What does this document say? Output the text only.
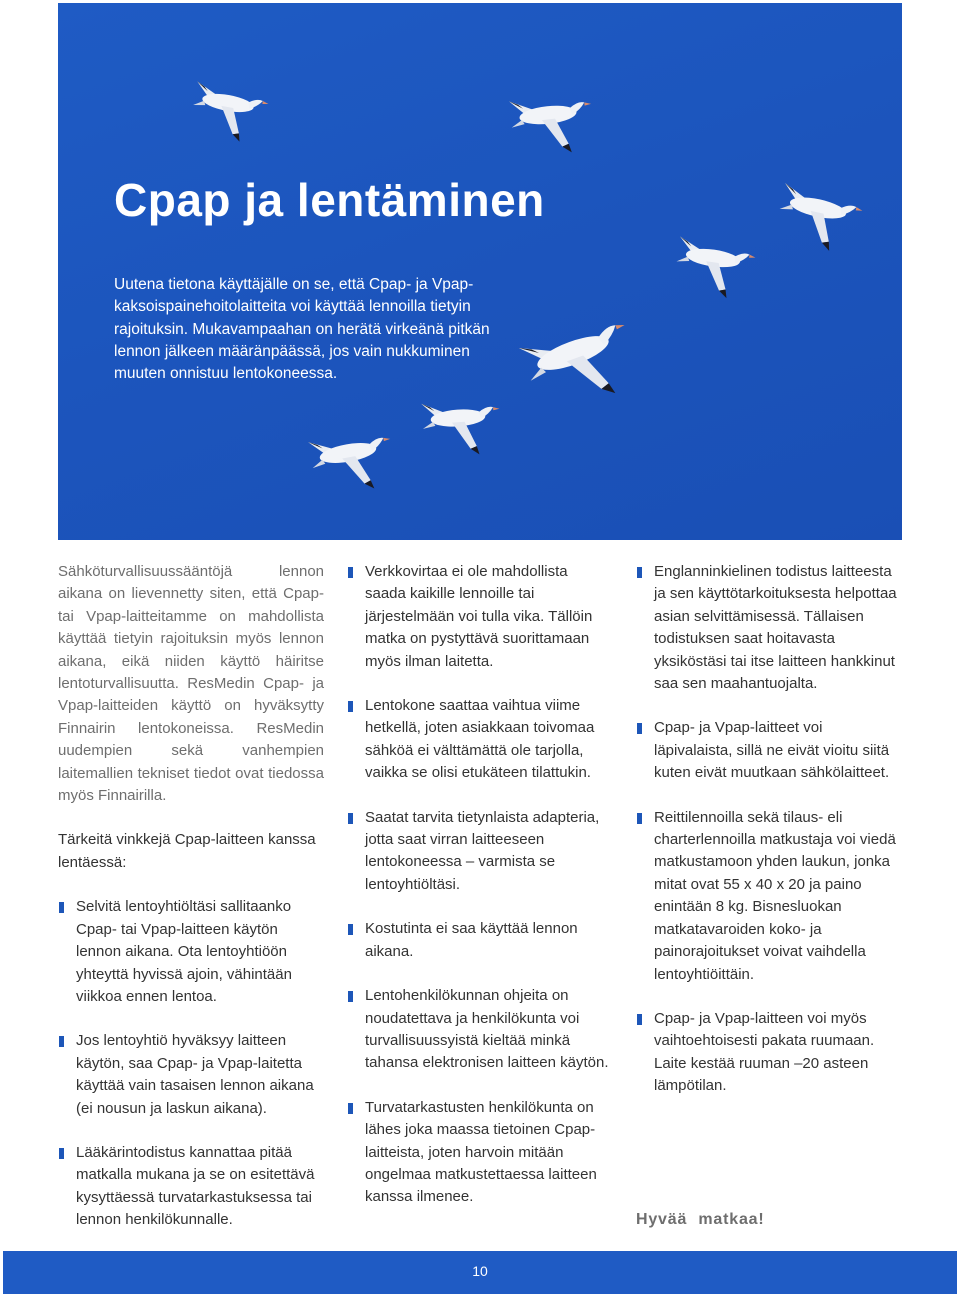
Cpap ja lentäminen

Uutena tietona käyttäjälle on se, että Cpap- ja Vpap-kaksoispainehoitolaitteita voi käyttää lennoilla tietyin rajoituksin. Mukavampaahan on herätä virkeänä pitkän lennon jälkeen määränpäässä, jos vain nukkuminen muuten onnistuu lentokoneessa.

Sähköturvallisuussääntöjä lennon aikana on lievennetty siten, että Cpap- tai Vpap-laitteitamme on mahdollista käyttää tietyin rajoituksin myös lennon aikana, eikä niiden käyttö häiritse lentoturvallisuutta. ResMedin Cpap- ja Vpap-laitteiden käyttö on hyväksytty Finnairin lentokoneissa. ResMedin uudempien sekä vanhempien laitemallien tekniset tiedot ovat tiedossa myös Finnairilla.

Tärkeitä vinkkejä Cpap-laitteen kanssa lentäessä:

Selvitä lentoyhtiöltäsi sallitaanko Cpap- tai Vpap-laitteen käytön lennon aikana. Ota lentoyhtiöön yhteyttä hyvissä ajoin, vähintään viikkoa ennen lentoa.
Jos lentoyhtiö hyväksyy laitteen käytön, saa Cpap- ja Vpap-laitetta käyttää vain tasaisen lennon aikana (ei nousun ja laskun aikana).
Lääkärintodistus kannattaa pitää matkalla mukana ja se on esitettävä kysyttäessä turvatarkastuksessa tai lennon henkilökunnalle.
Verkkovirtaa ei ole mahdollista saada kaikille lennoille tai järjestelmään voi tulla vika. Tällöin matka on pystyttävä suorittamaan myös ilman laitetta.
Lentokone saattaa vaihtua viime hetkellä, joten asiakkaan toivomaa sähköä ei välttämättä ole tarjolla, vaikka se olisi etukäteen tilattukin.
Saatat tarvita tietynlaista adapteria, jotta saat virran laitteeseen lentokoneessa – varmista se lentoyhtiöltäsi.
Kostutinta ei saa käyttää lennon aikana.
Lentohenkilökunnan ohjeita on noudatettava ja henkilökunta voi turvallisuussyistä kieltää minkä tahansa elektronisen laitteen käytön.
Turvatarkastusten henkilökunta on lähes joka maassa tietoinen Cpap-laitteista, joten harvoin mitään ongelmaa matkustettaessa laitteen kanssa ilmenee.
Englanninkielinen todistus laitteesta ja sen käyttötarkoituksesta helpottaa asian selvittämisessä. Tällaisen todistuksen saat hoitavasta yksiköstäsi tai itse laitteen hankkinut saa sen maahantuojalta.
Cpap- ja Vpap-laitteet voi läpivalaista, sillä ne eivät vioitu siitä kuten eivät muutkaan sähkölaitteet.
Reittilennoilla sekä tilaus- eli charterlennoilla matkustaja voi viedä matkustamoon yhden laukun, jonka mitat ovat 55 x 40 x 20 ja paino enintään 8 kg. Bisnesluokan matkatavaroiden koko- ja painorajoitukset voivat vaihdella lentoyhtiöittäin.
Cpap- ja Vpap-laitteen voi myös vaihtoehtoisesti pakata ruumaan. Laite kestää ruuman –20 asteen lämpötilan.
Hyvää matkaa!
10
